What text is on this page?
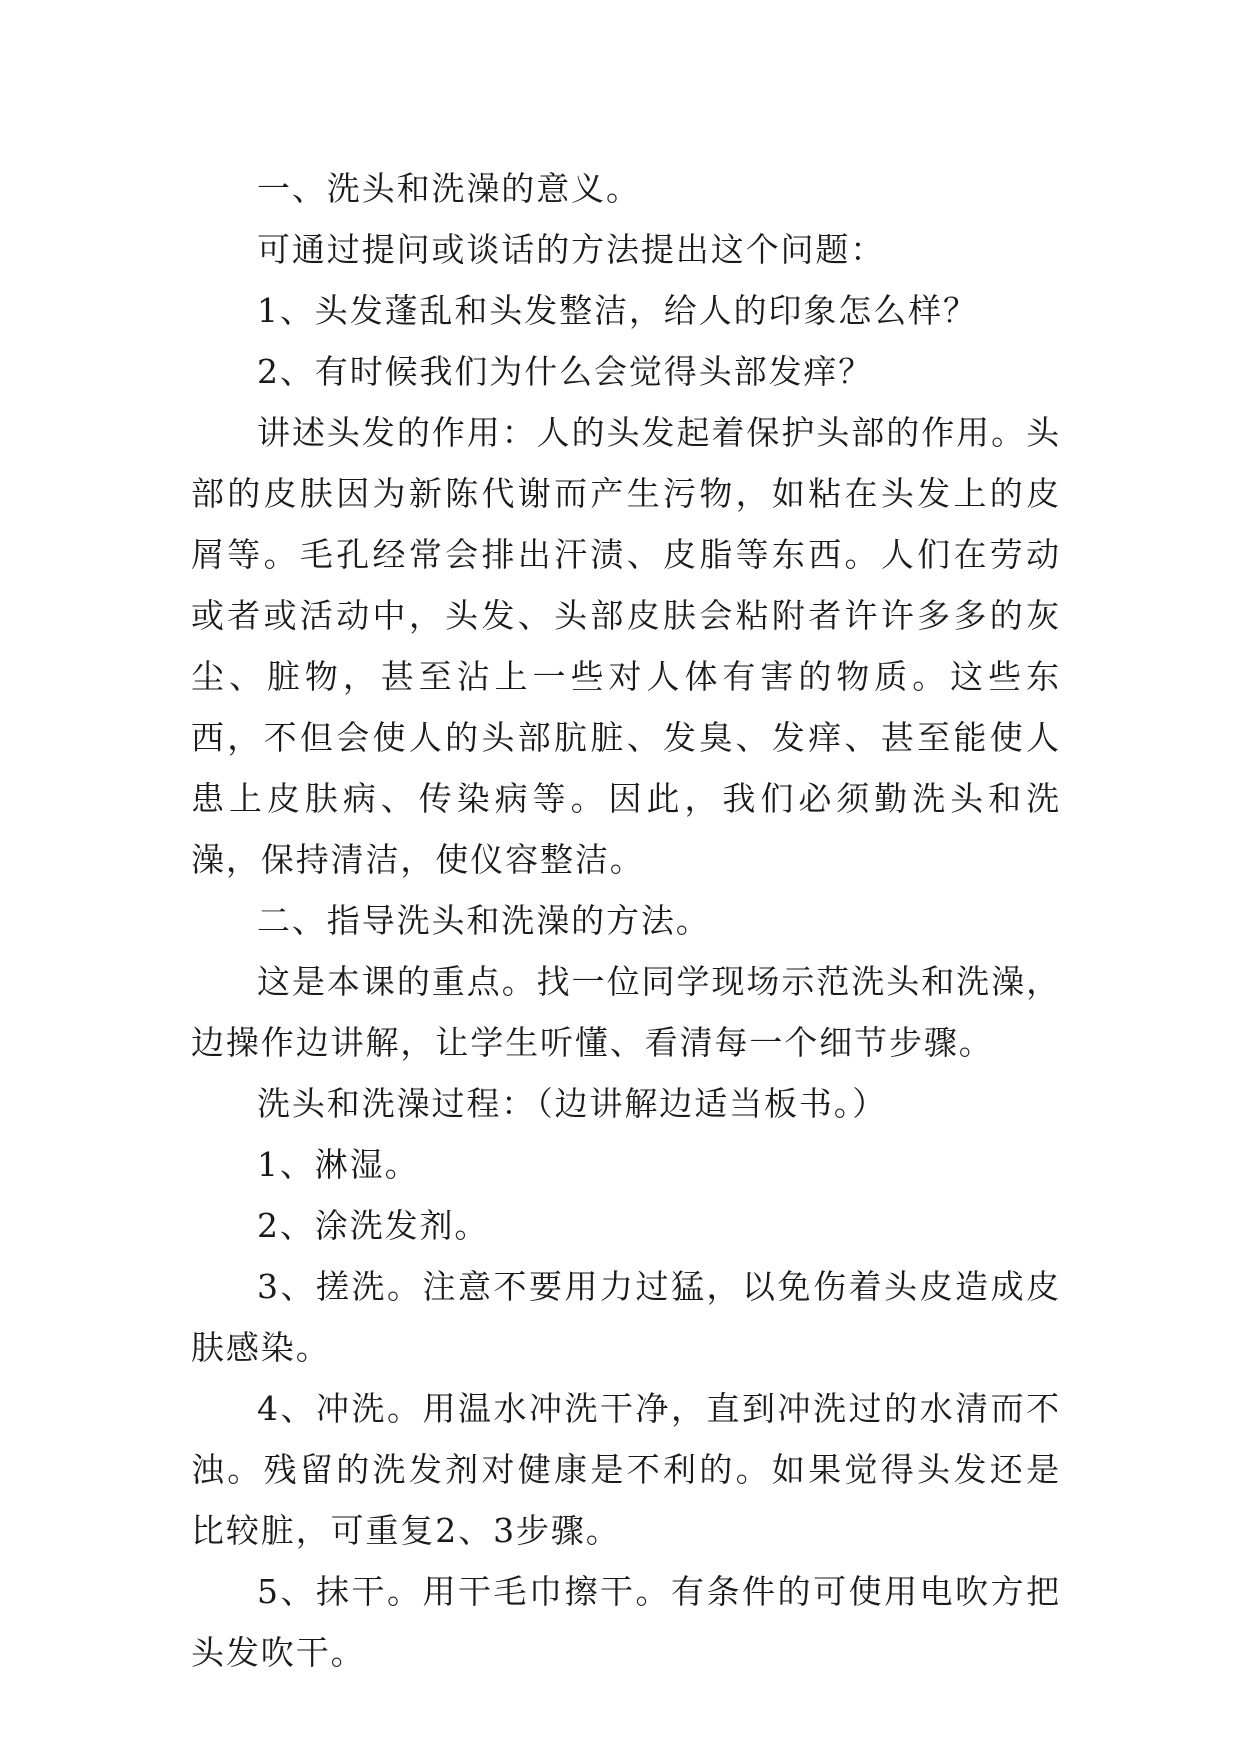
一、洗头和洗澡的意义。

可通过提问或谈话的方法提出这个问题：

1、头发蓬乱和头发整洁，给人的印象怎么样？

2、有时候我们为什么会觉得头部发痒？

讲述头发的作用：人的头发起着保护头部的作用。头部的皮肤因为新陈代谢而产生污物，如粘在头发上的皮屑等。毛孔经常会排出汗渍、皮脂等东西。人们在劳动或者或活动中，头发、头部皮肤会粘附者许许多多的灰尘、脏物，甚至沾上一些对人体有害的物质。这些东西，不但会使人的头部肮脏、发臭、发痒、甚至能使人患上皮肤病、传染病等。因此，我们必须勤洗头和洗澡，保持清洁，使仪容整洁。

二、指导洗头和洗澡的方法。

这是本课的重点。找一位同学现场示范洗头和洗澡，边操作边讲解，让学生听懂、看清每一个细节步骤。

洗头和洗澡过程：（边讲解边适当板书。）

1、淋湿。

2、涂洗发剂。

3、搓洗。注意不要用力过猛，以免伤着头皮造成皮肤感染。

4、冲洗。用温水冲洗干净，直到冲洗过的水清而不浊。残留的洗发剂对健康是不利的。如果觉得头发还是比较脏，可重复2、3步骤。

5、抹干。用干毛巾擦干。有条件的可使用电吹方把头发吹干。
